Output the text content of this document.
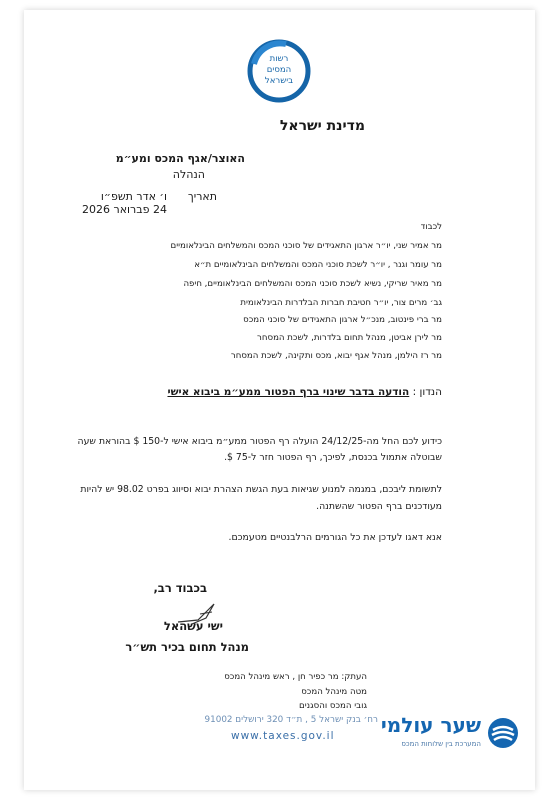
רשות
המסים
בישראל
מדינת ישראל
האוצר/אגף המכס ומע״מ
הנהלה
תאריך
ו׳ אדר תשפ״ו
24 פברואר 2026
לכבוד
מר אמיר שני, יו״ר ארגון התאגידים של סוכני המכס והמשלחים הבינלאומיים
מר עומר וגנר , יו״ר לשכת סוכני המכס והמשלחים הבינלאומיים ת״א
מר מאיר שריקי, נשיא לשכת סוכני המכס והמשלחים הבינלאומיים, חיפה
גב׳ מרים צור, יו״ר חטיבת חברות הבלדרות הבינלאומית
מר ברי פינטוב, מנכ״ל ארגון התאגידים של סוכני המכס
מר לירן אביטן, מנהל תחום בלדרות, לשכת המסחר
מר רז הילמן, מנהל אגף יבוא, מכס ותקינה, לשכת המסחר
הנדון : הודעה בדבר שינוי ברף הפטור ממע״מ ביבוא אישי
כידוע לכם החל מה-24/12/25 הועלה רף הפטור ממע״מ ביבוא אישי ל-150 $ בהוראת שעה
שבוטלה אתמול בכנסת, לפיכך, רף הפטור חזר ל-75 $.
לתשומת ליבכם, במגמה למנוע שגיאות בעת הגשת הצהרת יבוא וסיווג בפרט 98.02 יש להיות
מעודכנים ברף הפטור שהשתנה.
אנא דאגו לעדכן את כל הגורמים הרלבנטיים מטעמכם.
בכבוד רב,
ישי עשהאל
מנהל תחום בכיר תש״ר
העתק: מר כפיר חן , ראש מינהל המכס
מטה מינהל המכס
גובי המכס והסגנים
רח׳ בנק ישראל 5 , ת״ד 320 ירושלים 91002
www.taxes.gov.il שער עולמי
המערכת בין שלוחות המכס
